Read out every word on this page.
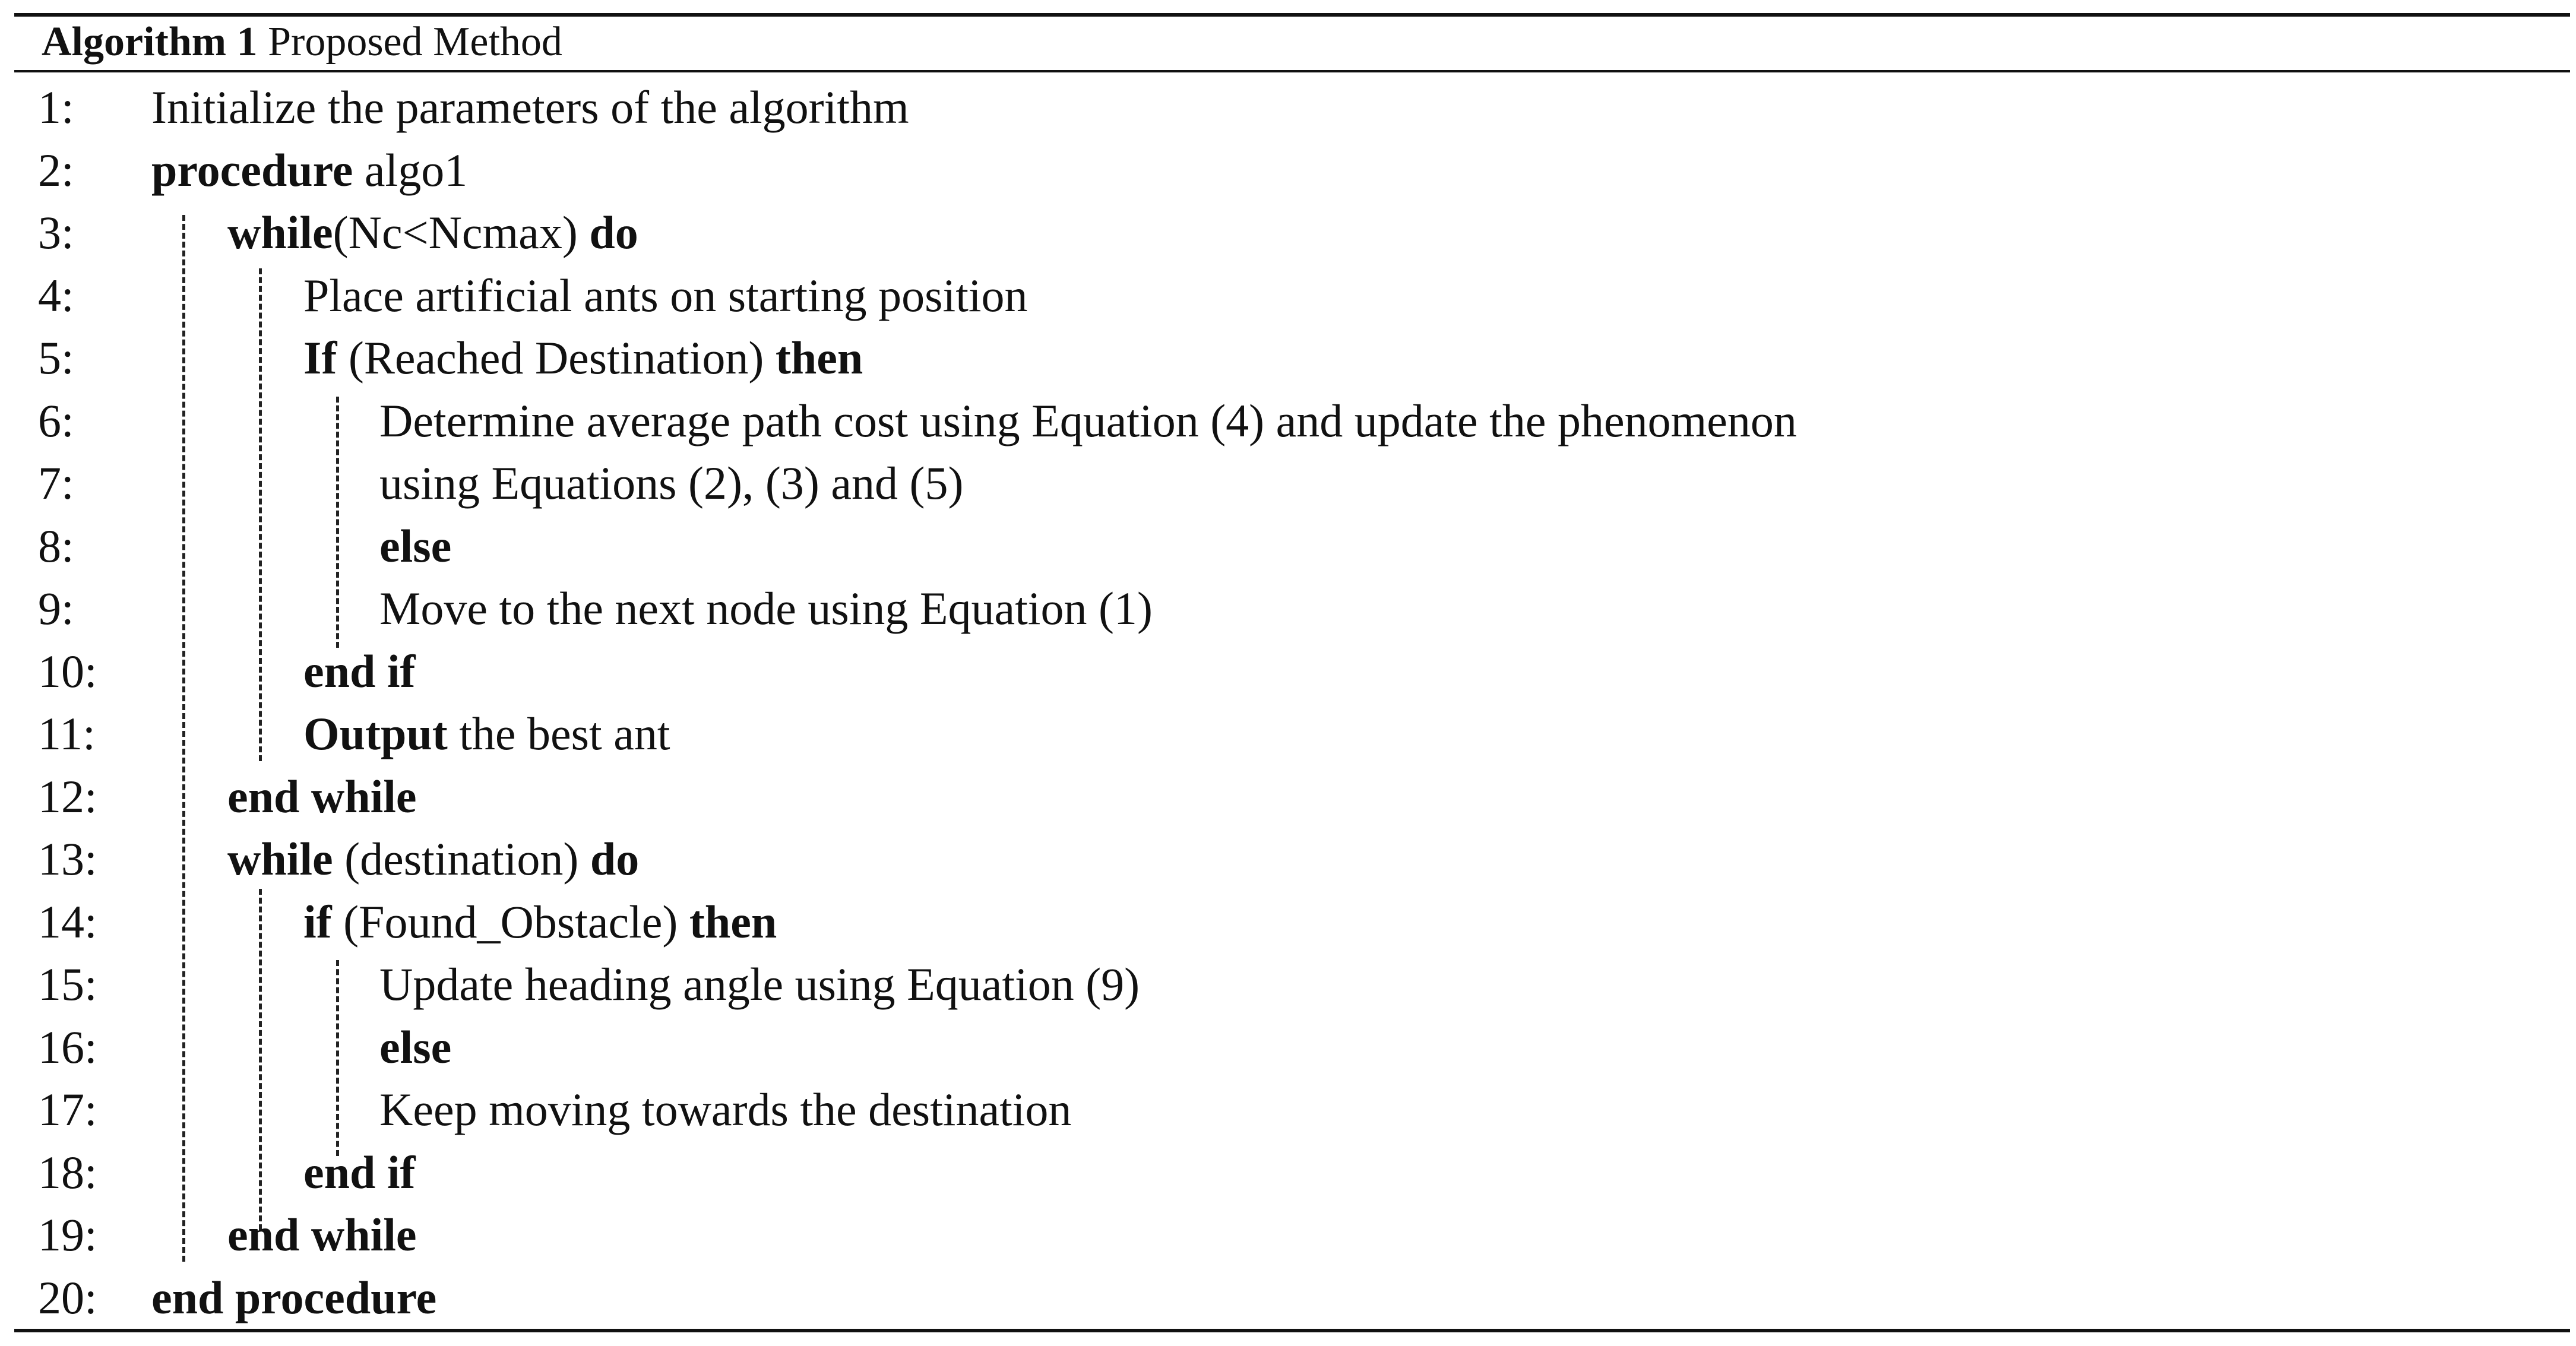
Algorithm 1 Proposed Method
1: Initialize the parameters of the algorithm
2: procedure algo1
3:	while(Nc<Ncmax) do
4:	Place artificial ants on starting position
5:	If (Reached Destination) then
6:	Determine average path cost using Equation (4) and update the phenomenon
7:	using Equations (2), (3) and (5)
8:	else
9:	Move to the next node using Equation (1)
10:	end if
11:	Output the best ant
12:	end while
13:	while (destination) do
14:	if (Found_Obstacle) then
15:	Update heading angle using Equation (9)
16:	else
17:	Keep moving towards the destination
18:	end if
19:	end while
20: end procedure
